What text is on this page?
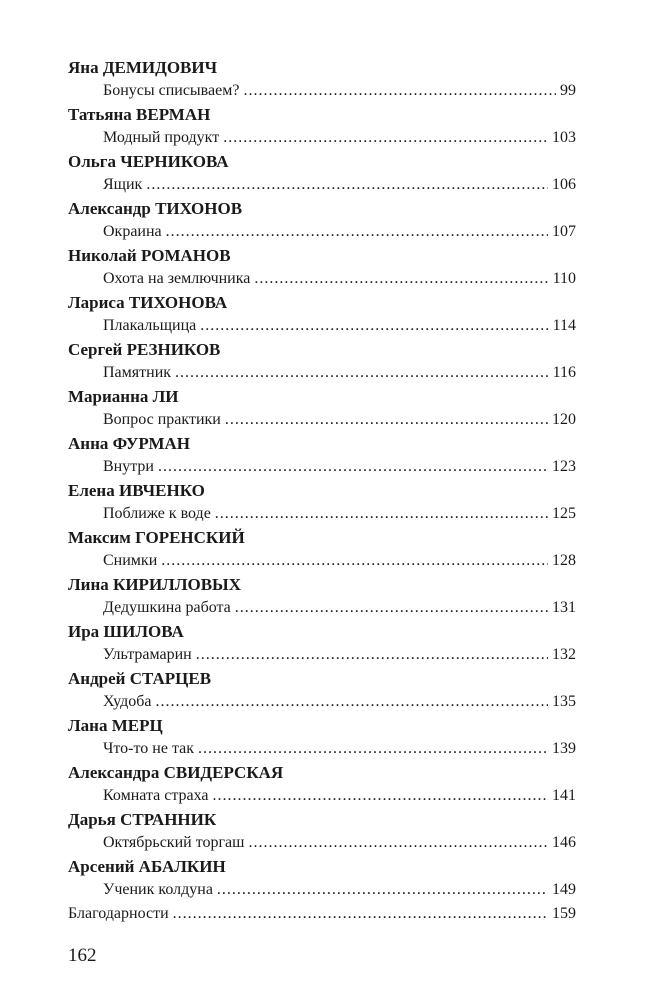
Яна ДЕМИДОВИЧ
Бонусы списываем? .....	99
Татьяна ВЕРМАН
Модный продукт .....	103
Ольга ЧЕРНИКОВА
Ящик .....	106
Александр ТИХОНОВ
Окраина .....	107
Николай РОМАНОВ
Охота на землючника .....	110
Лариса ТИХОНОВА
Плакальщица .....	114
Сергей РЕЗНИКОВ
Памятник .....	116
Марианна ЛИ
Вопрос практики .....	120
Анна ФУРМАН
Внутри .....	123
Елена ИВЧЕНКО
Поближе к воде .....	125
Максим ГОРЕНСКИЙ
Снимки .....	128
Лина КИРИЛЛОВЫХ
Дедушкина работа .....	131
Ира ШИЛОВА
Ультрамарин .....	132
Андрей СТАРЦЕВ
Худоба .....	135
Лана МЕРЦ
Что-то не так .....	139
Александра СВИДЕРСКАЯ
Комната страха .....	141
Дарья СТРАННИК
Октябрьский торгаш .....	146
Арсений АБАЛКИН
Ученик колдуна .....	149
Благодарности .....	159
162
